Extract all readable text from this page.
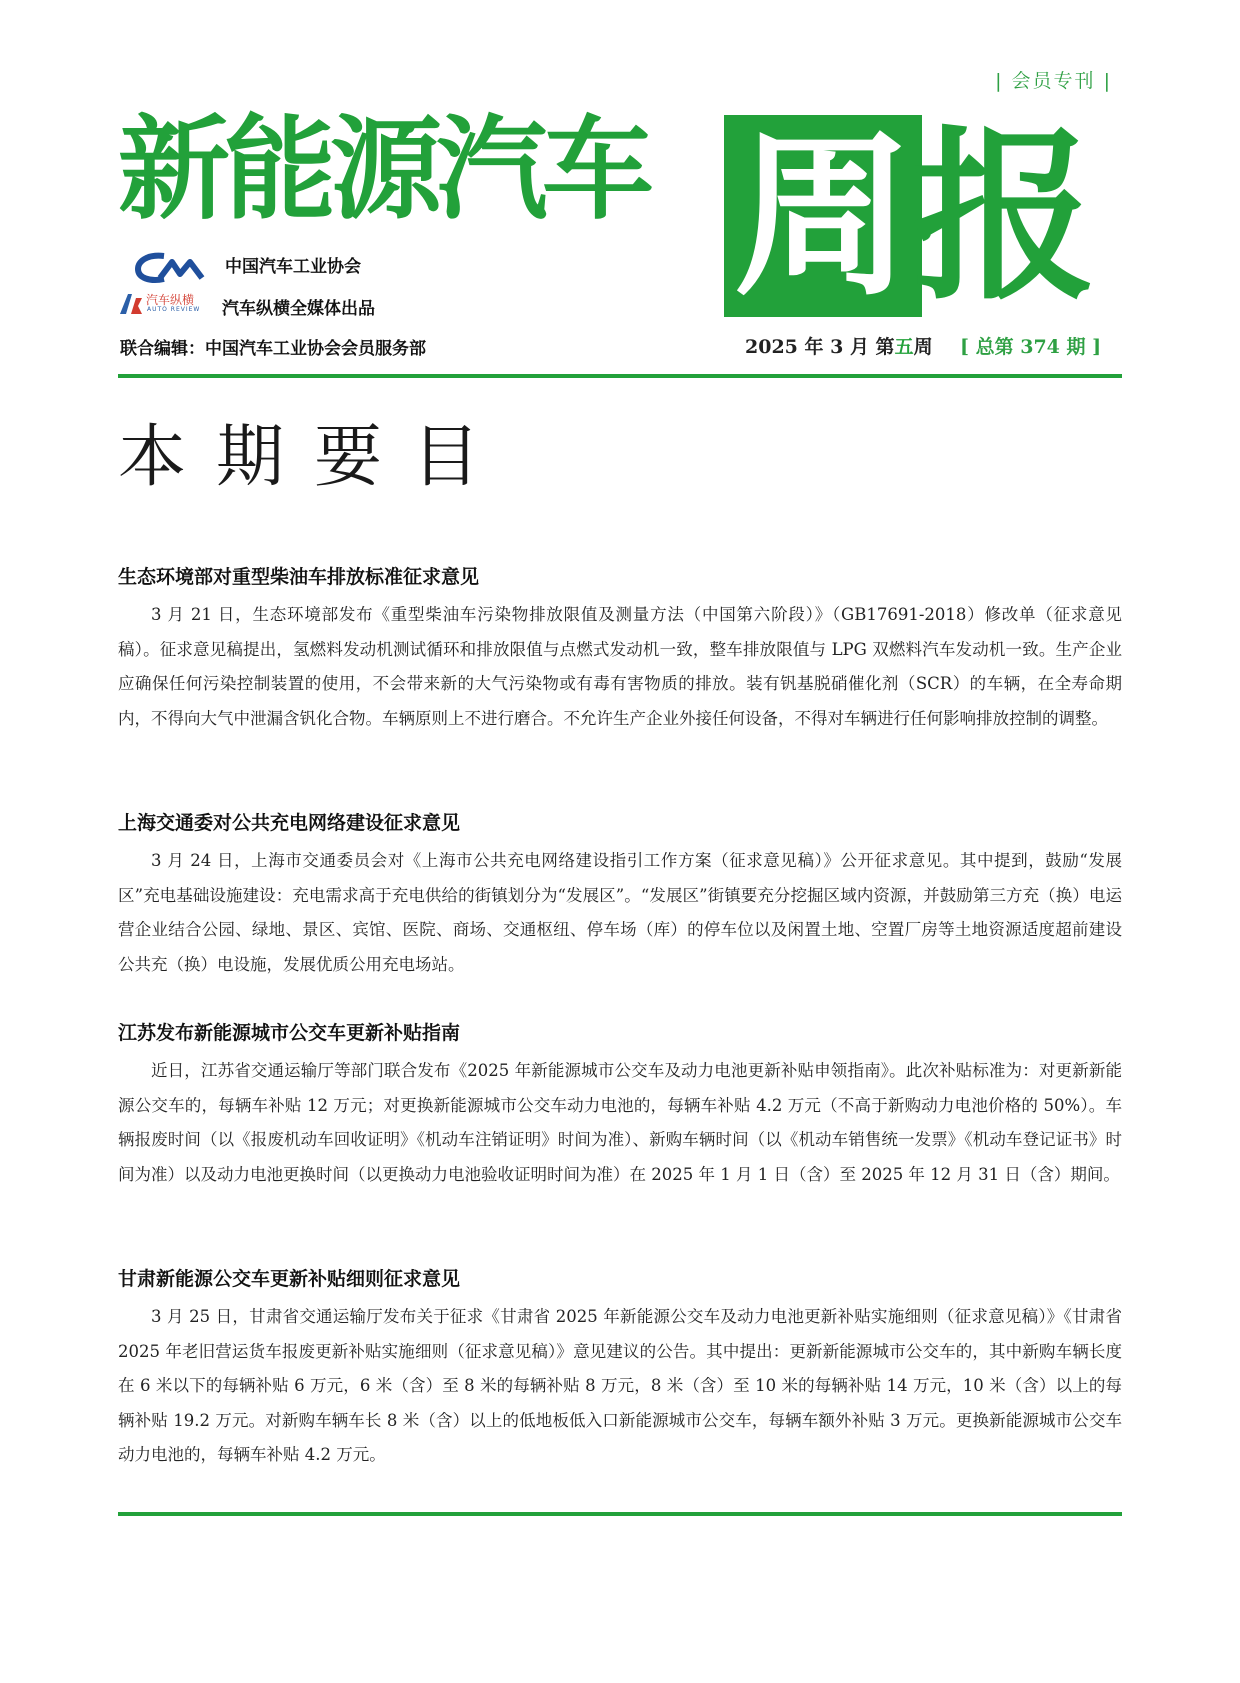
| 会员专刊 |
新能源汽车 周 报
中国汽车工业协会
汽车纵横
AUTO REVIEW 汽车纵横全媒体出品
联合编辑：中国汽车工业协会会员服务部	2025 年 3 月 第五周 [ 总第 374 期 ]
本期要目
生态环境部对重型柴油车排放标准征求意见

3 月 21 日，生态环境部发布《重型柴油车污染物排放限值及测量方法（中国第六阶段）》（GB17691-2018）修改单（征求意见稿）。征求意见稿提出，氢燃料发动机测试循环和排放限值与点燃式发动机一致，整车排放限值与 LPG 双燃料汽车发动机一致。生产企业应确保任何污染控制装置的使用，不会带来新的大气污染物或有毒有害物质的排放。装有钒基脱硝催化剂（SCR）的车辆，在全寿命期内，不得向大气中泄漏含钒化合物。车辆原则上不进行磨合。不允许生产企业外接任何设备，不得对车辆进行任何影响排放控制的调整。

上海交通委对公共充电网络建设征求意见

3 月 24 日，上海市交通委员会对《上海市公共充电网络建设指引工作方案（征求意见稿）》公开征求意见。其中提到，鼓励“发展区”充电基础设施建设：充电需求高于充电供给的街镇划分为“发展区”。“发展区”街镇要充分挖掘区域内资源，并鼓励第三方充（换）电运营企业结合公园、绿地、景区、宾馆、医院、商场、交通枢纽、停车场（库）的停车位以及闲置土地、空置厂房等土地资源适度超前建设公共充（换）电设施，发展优质公用充电场站。

江苏发布新能源城市公交车更新补贴指南

近日，江苏省交通运输厅等部门联合发布《2025 年新能源城市公交车及动力电池更新补贴申领指南》。此次补贴标准为：对更新新能源公交车的，每辆车补贴 12 万元；对更换新能源城市公交车动力电池的，每辆车补贴 4.2 万元（不高于新购动力电池价格的 50%）。车辆报废时间（以《报废机动车回收证明》《机动车注销证明》时间为准）、新购车辆时间（以《机动车销售统一发票》《机动车登记证书》时间为准）以及动力电池更换时间（以更换动力电池验收证明时间为准）在 2025 年 1 月 1 日（含）至 2025 年 12 月 31 日（含）期间。

甘肃新能源公交车更新补贴细则征求意见

3 月 25 日，甘肃省交通运输厅发布关于征求《甘肃省 2025 年新能源公交车及动力电池更新补贴实施细则（征求意见稿）》《甘肃省 2025 年老旧营运货车报废更新补贴实施细则（征求意见稿）》意见建议的公告。其中提出：更新新能源城市公交车的，其中新购车辆长度在 6 米以下的每辆补贴 6 万元，6 米（含）至 8 米的每辆补贴 8 万元，8 米（含）至 10 米的每辆补贴 14 万元，10 米（含）以上的每辆补贴 19.2 万元。对新购车辆车长 8 米（含）以上的低地板低入口新能源城市公交车，每辆车额外补贴 3 万元。更换新能源城市公交车动力电池的，每辆车补贴 4.2 万元。
